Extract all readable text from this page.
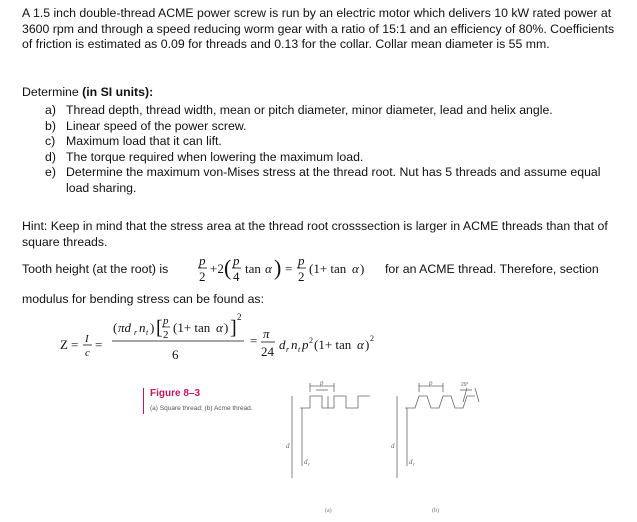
A 1.5 inch double-thread ACME power screw is run by an electric motor which delivers 10 kW rated power at 3600 rpm and through a speed reducing worm gear with a ratio of 15:1 and an efficiency of 80%. Coefficients of friction is estimated as 0.09 for threads and 0.13 for the collar. Collar mean diameter is 55 mm.
Determine (in SI units):
a) Thread depth, thread width, mean or pitch diameter, minor diameter, lead and helix angle.
b) Linear speed of the power screw.
c) Maximum load that it can lift.
d) The torque required when lowering the maximum load.
e) Determine the maximum von-Mises stress at the thread root. Nut has 5 threads and assume equal load sharing.
Hint: Keep in mind that the stress area at the thread root crosssection is larger in ACME threads than that of square threads.
Tooth height (at the root) is
p
2
+2 ( p
4
tan α ) =
p
2
(1+ tan α ) for an ACME thread. Therefore, section
modulus for bending stress can be found as:
Z = I
c
=
( πd r n t ) [ p
2 (1+ tan α ) ] 2
6
= π
24 d r n t p 2 (1+ tan α ) 2
Figure 8–3
(a) Square thread; (b) Acme thread.
p	p
d
d
d
d
r	r
29°
(a)	(b)
